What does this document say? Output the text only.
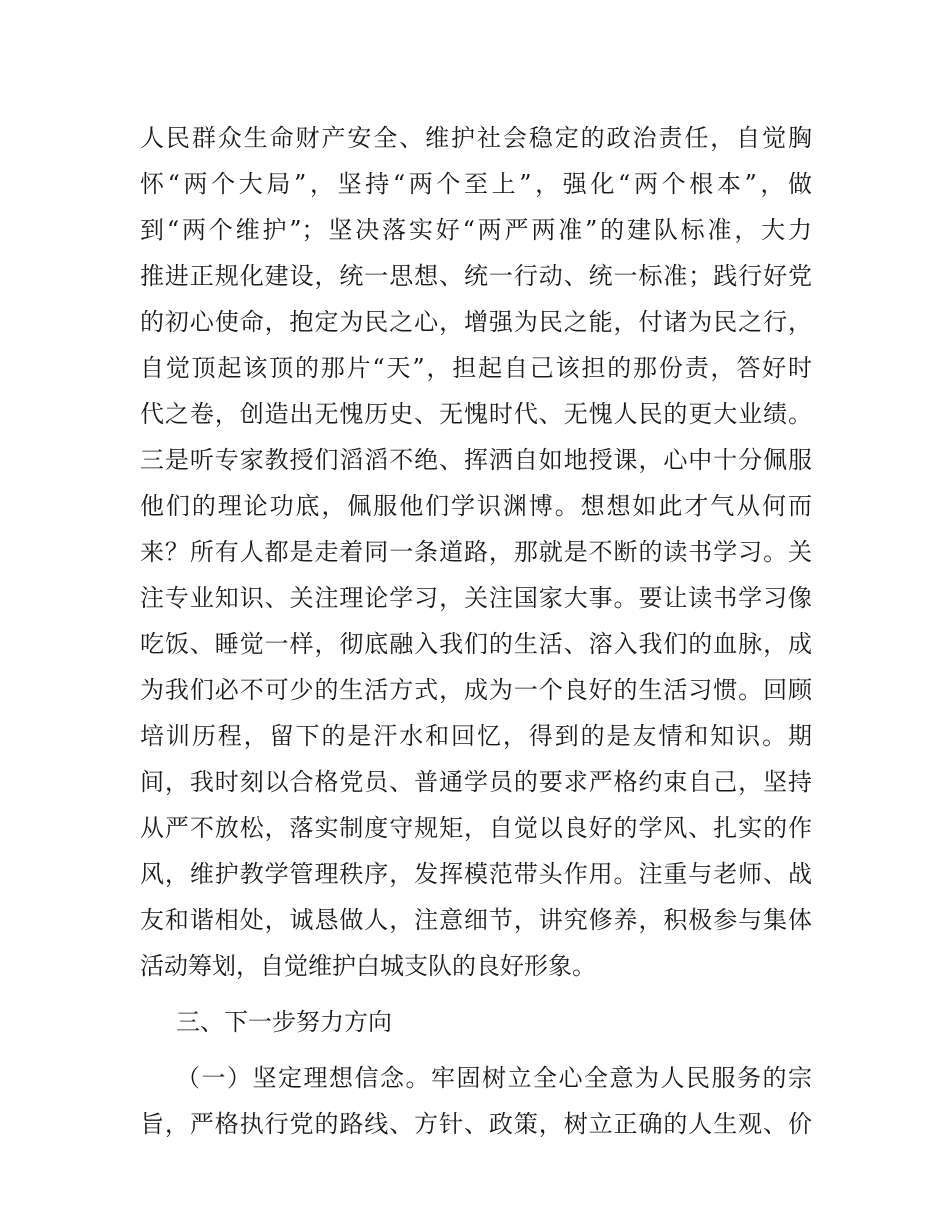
人民群众生命财产安全、维护社会稳定的政治责任，自觉胸
怀“两个大局”，坚持“两个至上”，强化“两个根本”，做
到“两个维护”；坚决落实好“两严两准”的建队标准，大力
推进正规化建设，统一思想、统一行动、统一标准；践行好党
的初心使命，抱定为民之心，增强为民之能，付诸为民之行，
自觉顶起该顶的那片“天”，担起自己该担的那份责，答好时
代之卷，创造出无愧历史、无愧时代、无愧人民的更大业绩。
三是听专家教授们滔滔不绝、挥洒自如地授课，心中十分佩服
他们的理论功底，佩服他们学识渊博。想想如此才气从何而
来？所有人都是走着同一条道路，那就是不断的读书学习。关
注专业知识、关注理论学习，关注国家大事。要让读书学习像
吃饭、睡觉一样，彻底融入我们的生活、溶入我们的血脉，成
为我们必不可少的生活方式，成为一个良好的生活习惯。回顾
培训历程，留下的是汗水和回忆，得到的是友情和知识。期
间，我时刻以合格党员、普通学员的要求严格约束自己，坚持
从严不放松，落实制度守规矩，自觉以良好的学风、扎实的作
风，维护教学管理秩序，发挥模范带头作用。注重与老师、战
友和谐相处，诚恳做人，注意细节，讲究修养，积极参与集体
活动筹划，自觉维护白城支队的良好形象。
三、下一步努力方向
（一）坚定理想信念。牢固树立全心全意为人民服务的宗
旨，严格执行党的路线、方针、政策，树立正确的人生观、价
